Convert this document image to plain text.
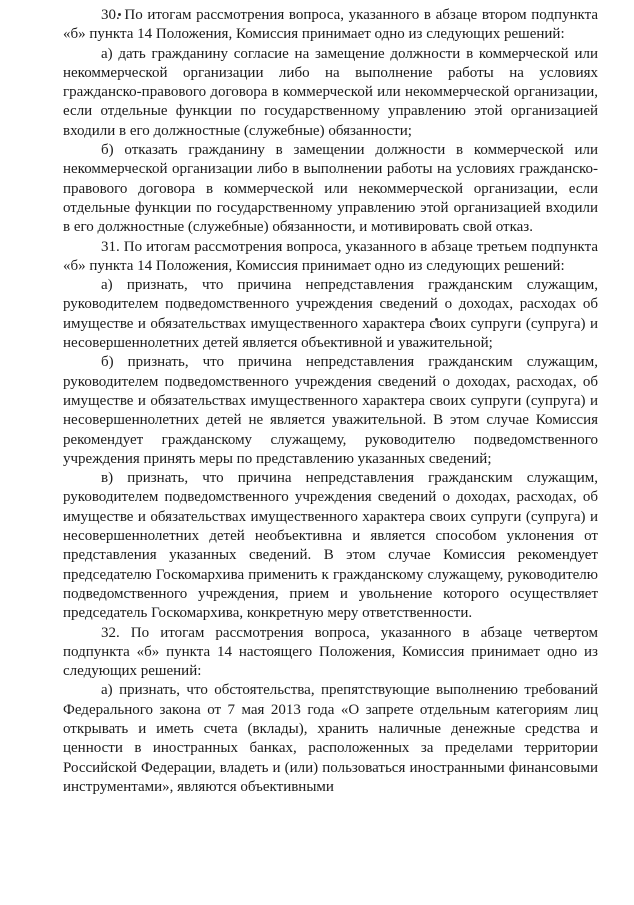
30. По итогам рассмотрения вопроса, указанного в абзаце втором подпункта «б» пункта 14 Положения, Комиссия принимает одно из следующих решений:

а) дать гражданину согласие на замещение должности в коммерческой или некоммерческой организации либо на выполнение работы на условиях гражданско-правового договора в коммерческой или некоммерческой организации, если отдельные функции по государственному управлению этой организацией входили в его должностные (служебные) обязанности;

б) отказать гражданину в замещении должности в коммерческой или некоммерческой организации либо в выполнении работы на условиях гражданско-правового договора в коммерческой или некоммерческой организации, если отдельные функции по государственному управлению этой организацией входили в его должностные (служебные) обязанности, и мотивировать свой отказ.

31. По итогам рассмотрения вопроса, указанного в абзаце третьем подпункта «б» пункта 14 Положения, Комиссия принимает одно из следующих решений:

а) признать, что причина непредставления гражданским служащим, руководителем подведомственного учреждения сведений о доходах, расходах об имуществе и обязательствах имущественного характера своих супруги (супруга) и несовершеннолетних детей является объективной и уважительной;

б) признать, что причина непредставления гражданским служащим, руководителем подведомственного учреждения сведений о доходах, расходах, об имуществе и обязательствах имущественного характера своих супруги (супруга) и несовершеннолетних детей не является уважительной. В этом случае Комиссия рекомендует гражданскому служащему, руководителю подведомственного учреждения принять меры по представлению указанных сведений;

в) признать, что причина непредставления гражданским служащим, руководителем подведомственного учреждения сведений о доходах, расходах, об имуществе и обязательствах имущественного характера своих супруги (супруга) и несовершеннолетних детей необъективна и является способом уклонения от представления указанных сведений. В этом случае Комиссия рекомендует председателю Госкомархива применить к гражданскому служащему, руководителю подведомственного учреждения, прием и увольнение которого осуществляет председатель Госкомархива, конкретную меру ответственности.

32. По итогам рассмотрения вопроса, указанного в абзаце четвертом подпункта «б» пункта 14 настоящего Положения, Комиссия принимает одно из следующих решений:

а) признать, что обстоятельства, препятствующие выполнению требований Федерального закона от 7 мая 2013 года «О запрете отдельным категориям лиц открывать и иметь счета (вклады), хранить наличные денежные средства и ценности в иностранных банках, расположенных за пределами территории Российской Федерации, владеть и (или) пользоваться иностранными финансовыми инструментами», являются объективными
